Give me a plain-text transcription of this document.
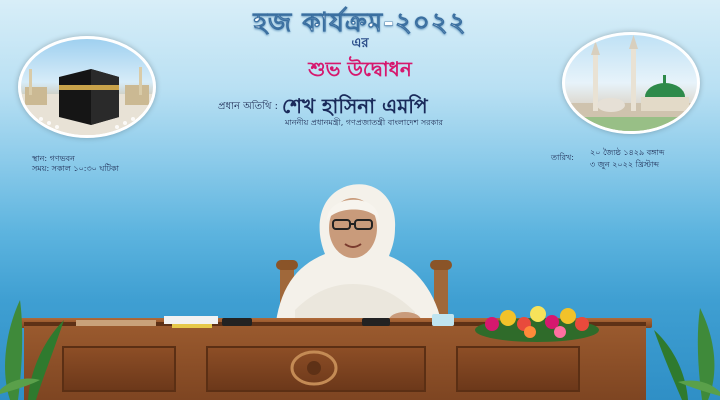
হজ কার্যক্রম-২০২২
এর
শুভ উদ্বোধন
প্রধান অতিথি : শেখ হাসিনা এমপি
মাননীয় প্রধানমন্ত্রী, গণপ্রজাতন্ত্রী বাংলাদেশ সরকার
স্থান: গণভবন
সময়: সকাল ১০:৩০ ঘটিকা
তারিখ:
২০ জ্যৈষ্ঠ ১৪২৯ বঙ্গাব্দ
৩ জুন ২০২২ খ্রিস্টাব্দ
